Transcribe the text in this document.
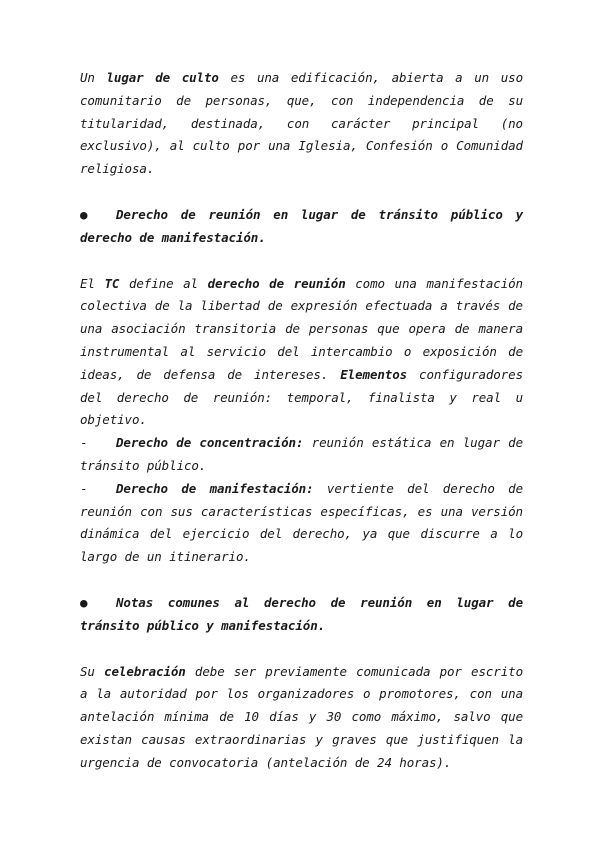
Un lugar de culto es una edificación, abierta a un uso comunitario de personas, que, con independencia de su titularidad, destinada, con carácter principal (no exclusivo), al culto por una Iglesia, Confesión o Comunidad religiosa.

● Derecho de reunión en lugar de tránsito público y derecho de manifestación.

El TC define al derecho de reunión como una manifestación colectiva de la libertad de expresión efectuada a través de una asociación transitoria de personas que opera de manera instrumental al servicio del intercambio o exposición de ideas, de defensa de intereses. Elementos configuradores del derecho de reunión: temporal, finalista y real u objetivo.

- Derecho de concentración: reunión estática en lugar de tránsito público.

- Derecho de manifestación: vertiente del derecho de reunión con sus características específicas, es una versión dinámica del ejercicio del derecho, ya que discurre a lo largo de un itinerario.

● Notas comunes al derecho de reunión en lugar de tránsito público y manifestación.

Su celebración debe ser previamente comunicada por escrito a la autoridad por los organizadores o promotores, con una antelación mínima de 10 días y 30 como máximo, salvo que existan causas extraordinarias y graves que justifiquen la urgencia de convocatoria (antelación de 24 horas).
